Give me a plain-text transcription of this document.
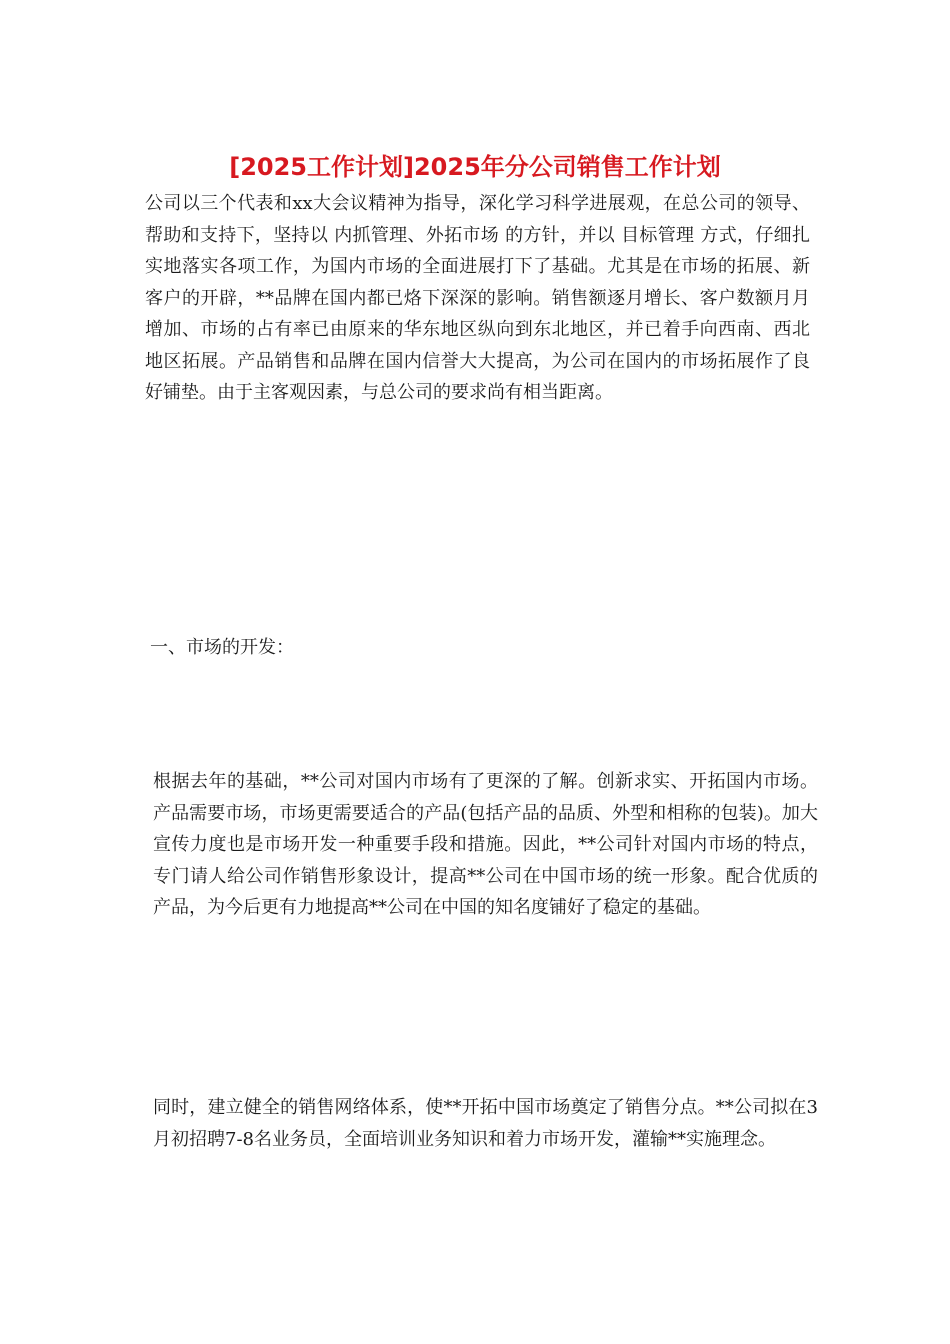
[2025工作计划]2025年分公司销售工作计划

公司以三个代表和xx大会议精神为指导，深化学习科学进展观，在总公司的领导、帮助和支持下，坚持以 内抓管理、外拓市场 的方针，并以 目标管理 方式，仔细扎实地落实各项工作，为国内市场的全面进展打下了基础。尤其是在市场的拓展、新客户的开辟，**品牌在国内都已烙下深深的影响。销售额逐月增长、客户数额月月增加、市场的占有率已由原来的华东地区纵向到东北地区，并已着手向西南、西北地区拓展。产品销售和品牌在国内信誉大大提高，为公司在国内的市场拓展作了良好铺垫。由于主客观因素，与总公司的要求尚有相当距离。

一、市场的开发：

根据去年的基础，**公司对国内市场有了更深的了解。创新求实、开拓国内市场。产品需要市场，市场更需要适合的产品(包括产品的品质、外型和相称的包装)。加大宣传力度也是市场开发一种重要手段和措施。因此，**公司针对国内市场的特点，专门请人给公司作销售形象设计，提高**公司在中国市场的统一形象。配合优质的产品，为今后更有力地提高**公司在中国的知名度铺好了稳定的基础。

同时，建立健全的销售网络体系，使**开拓中国市场奠定了销售分点。**公司拟在3月初招聘7-8名业务员，全面培训业务知识和着力市场开发，灌输**实施理念。
